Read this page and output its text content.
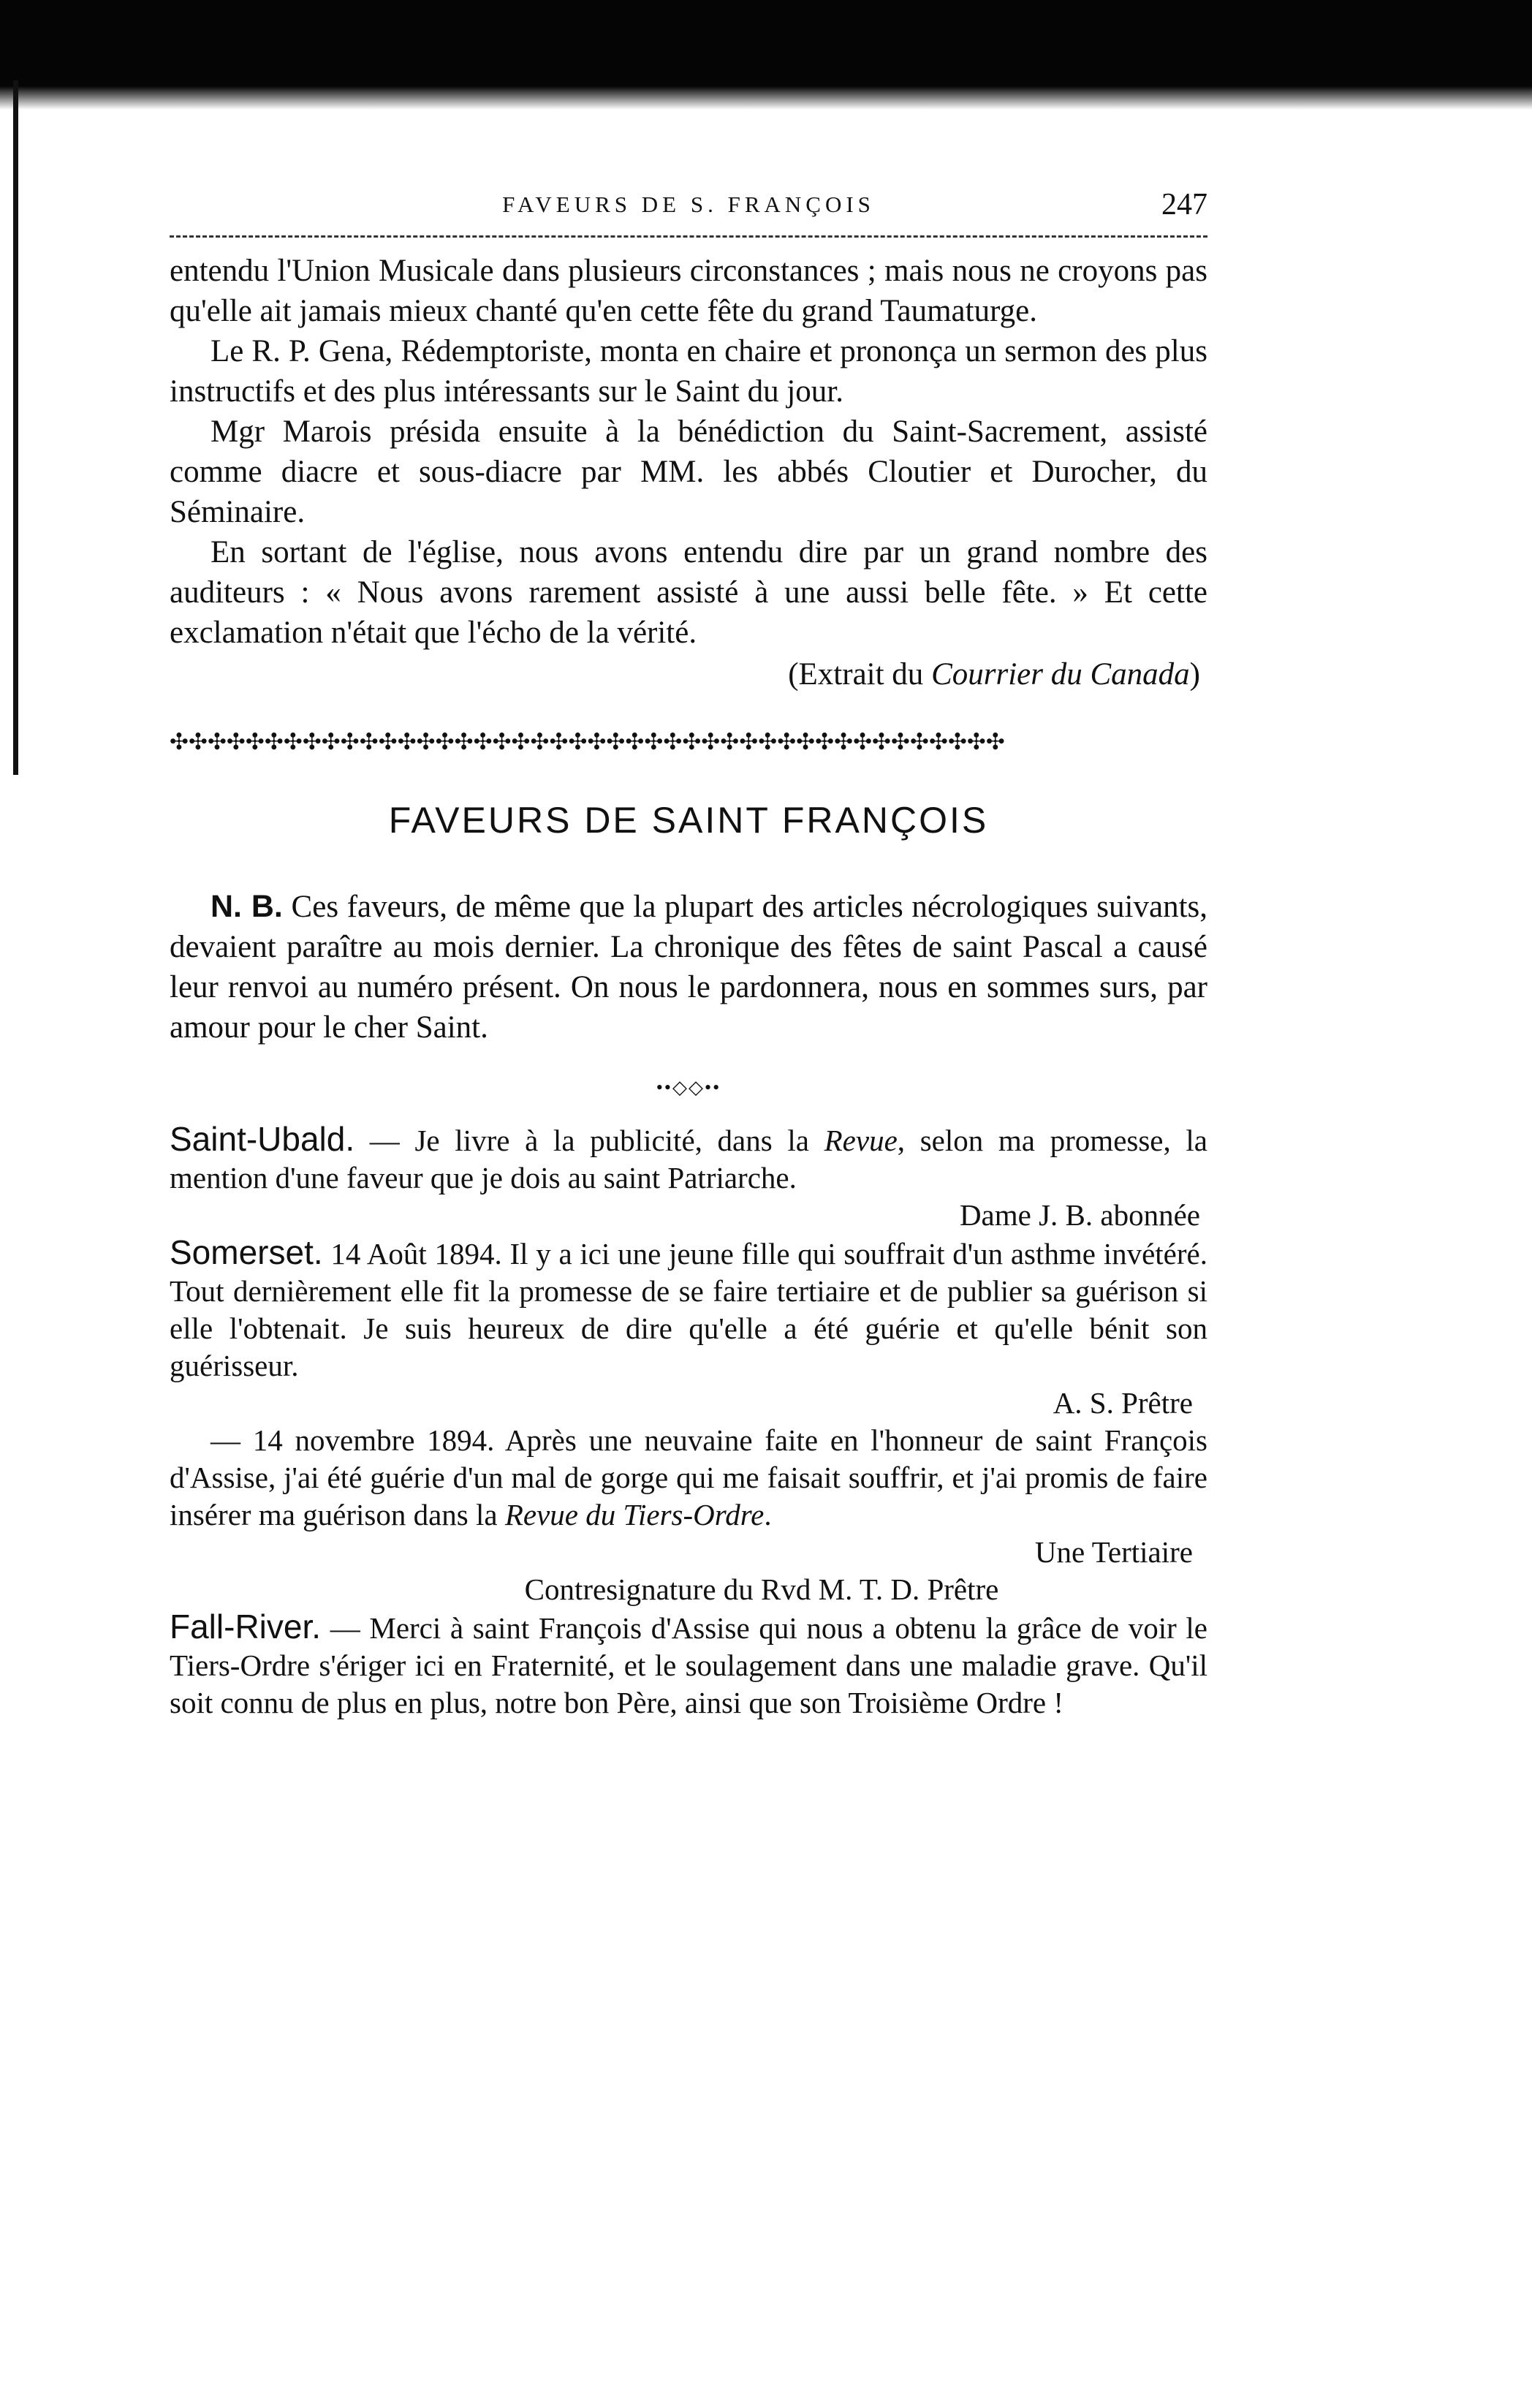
FAVEURS DE S. FRANÇOIS	247

entendu l'Union Musicale dans plusieurs circonstances ; mais nous ne croyons pas qu'elle ait jamais mieux chanté qu'en cette fête du grand Taumaturge.

Le R. P. Gena, Rédemptoriste, monta en chaire et prononça un sermon des plus instructifs et des plus intéressants sur le Saint du jour.

Mgr Marois présida ensuite à la bénédiction du Saint-Sacrement, assisté comme diacre et sous-diacre par MM. les abbés Cloutier et Durocher, du Séminaire.

En sortant de l'église, nous avons entendu dire par un grand nombre des auditeurs : « Nous avons rarement assisté à une aussi belle fête. » Et cette exclamation n'était que l'écho de la vérité.

(Extrait du Courrier du Canada)
✣✣✣✣✣✣✣✣✣✣✣✣✣✣✣✣✣✣✣✣✣✣✣✣✣✣✣✣✣✣✣✣✣✣✣✣✣✣✣✣✣✣✣✣
FAVEURS DE SAINT FRANÇOIS

N. B. Ces faveurs, de même que la plupart des articles nécrologiques suivants, devaient paraître au mois dernier. La chronique des fêtes de saint Pascal a causé leur renvoi au numéro présent. On nous le pardonnera, nous en sommes surs, par amour pour le cher Saint.

••◇◇••

Saint-Ubald. — Je livre à la publicité, dans la Revue, selon ma promesse, la mention d'une faveur que je dois au saint Patriarche.

Dame J. B. abonnée

Somerset. 14 Août 1894. Il y a ici une jeune fille qui souffrait d'un asthme invétéré. Tout dernièrement elle fit la promesse de se faire tertiaire et de publier sa guérison si elle l'obtenait. Je suis heureux de dire qu'elle a été guérie et qu'elle bénit son guérisseur.

A. S. Prêtre

— 14 novembre 1894. Après une neuvaine faite en l'honneur de saint François d'Assise, j'ai été guérie d'un mal de gorge qui me faisait souffrir, et j'ai promis de faire insérer ma guérison dans la Revue du Tiers-Ordre.

Une Tertiaire
Contresignature du Rvd M. T. D. Prêtre

Fall-River. — Merci à saint François d'Assise qui nous a obtenu la grâce de voir le Tiers-Ordre s'ériger ici en Fraternité, et le soulagement dans une maladie grave. Qu'il soit connu de plus en plus, notre bon Père, ainsi que son Troisième Ordre !
